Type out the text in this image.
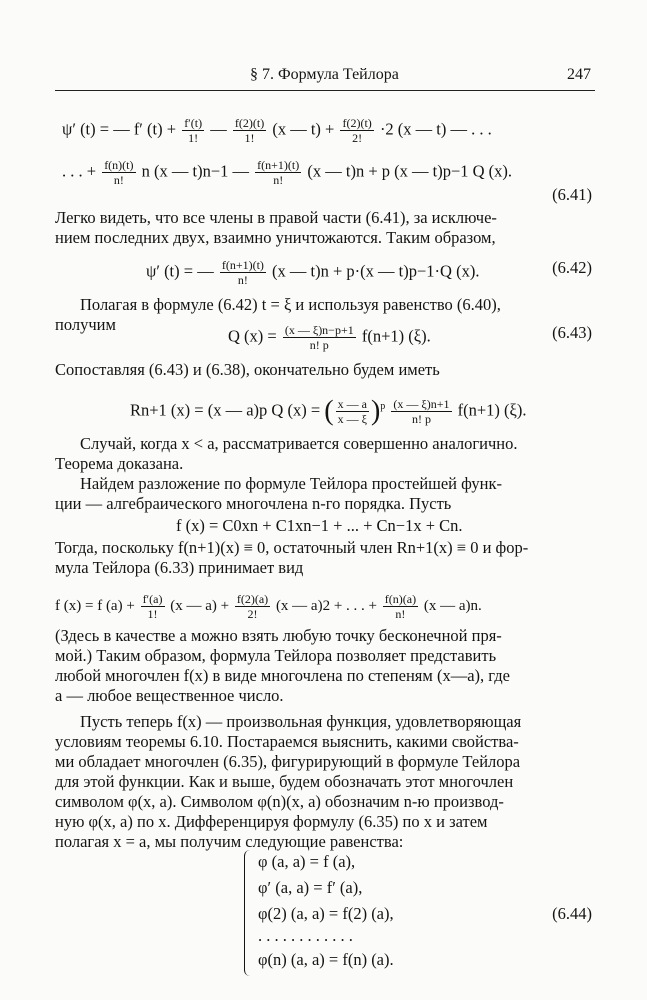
§ 7. Формула Тейлора	247
ψ′ (t) = — f′ $(t) + \frac{f'(t)}{1!}$ — $\frac{f(2)(t)}{1!} (x$ — $t) + \frac{f(2)(t)}{2!} \cdot 2$ (x — t) — . . .
. . . + $\frac{f(n)(t)}{n!}$ n (x — t)n−1 — $\frac{f(n+1)(t)}{n!} (x$ — t)n + p (x — t)p−1 Q (x).
(6.41)
Легко видеть, что все члены в правой части (6.41), за исключе-
нием последних двух, взаимно уничтожаются. Таким образом,
ψ′ (t) = — $\frac{f(n+1)(t)}{n!} (x$ — t)n + p·(x — t)p−1·Q (x).	(6.42)
Полагая в формуле (6.42) t = ξ и используя равенство (6.40),
получим
Q $(x) = \frac{(x — \xi)n-p+1}{n! p} f(n+1)$ (ξ).	(6.43)
Сопоставляя (6.43) и (6.38), окончательно будем иметь
Rn+1 (x) = (x — a)p Q (x) = ( $\frac{x — a}{x — \xi} )^p \frac{(x — \xi)n+1}{n! p} f(n+1)$ (ξ).
Случай, когда x < a, рассматривается совершенно аналогично.
Теорема доказана.
Найдем разложение по формуле Тейлора простейшей функ-
ции — алгебраического многочлена n-го порядка. Пусть
f (x) = C0xn + C1xn−1 + ... + Cn−1x + Cn.
Тогда, поскольку f(n+1)(x) ≡ 0, остаточный член Rn+1(x) ≡ 0 и фор-
мула Тейлора (6.33) принимает вид
f (x) = f $(a) + \frac{f'(a)}{1!} (x$ — $a) + \frac{f(2)(a)}{2!} (x$ — a)2 + . . . + $\frac{f(n)(a)}{n!} (x$ — a)n.
(Здесь в качестве a можно взять любую точку бесконечной пря-
мой.) Таким образом, формула Тейлора позволяет представить
любой многочлен f(x) в виде многочлена по степеням (x—a), где
a — любое вещественное число.
Пусть теперь f(x) — произвольная функция, удовлетворяющая
условиям теоремы 6.10. Постараемся выяснить, какими свойства-
ми обладает многочлен (6.35), фигурирующий в формуле Тейлора
для этой функции. Как и выше, будем обозначать этот многочлен
символом φ(x, a). Символом φ(n)(x, a) обозначим n-ю производ-
ную φ(x, a) по x. Дифференцируя формулу (6.35) по x и затем
полагая x = a, мы получим следующие равенства:
φ (a, a) = f (a),
φ′ (a, a) = f′ (a),
φ(2) (a, a) = f(2) (a),
. . . . . . . . . . . .
φ(n) (a, a) = f(n) (a).
(6.44)
